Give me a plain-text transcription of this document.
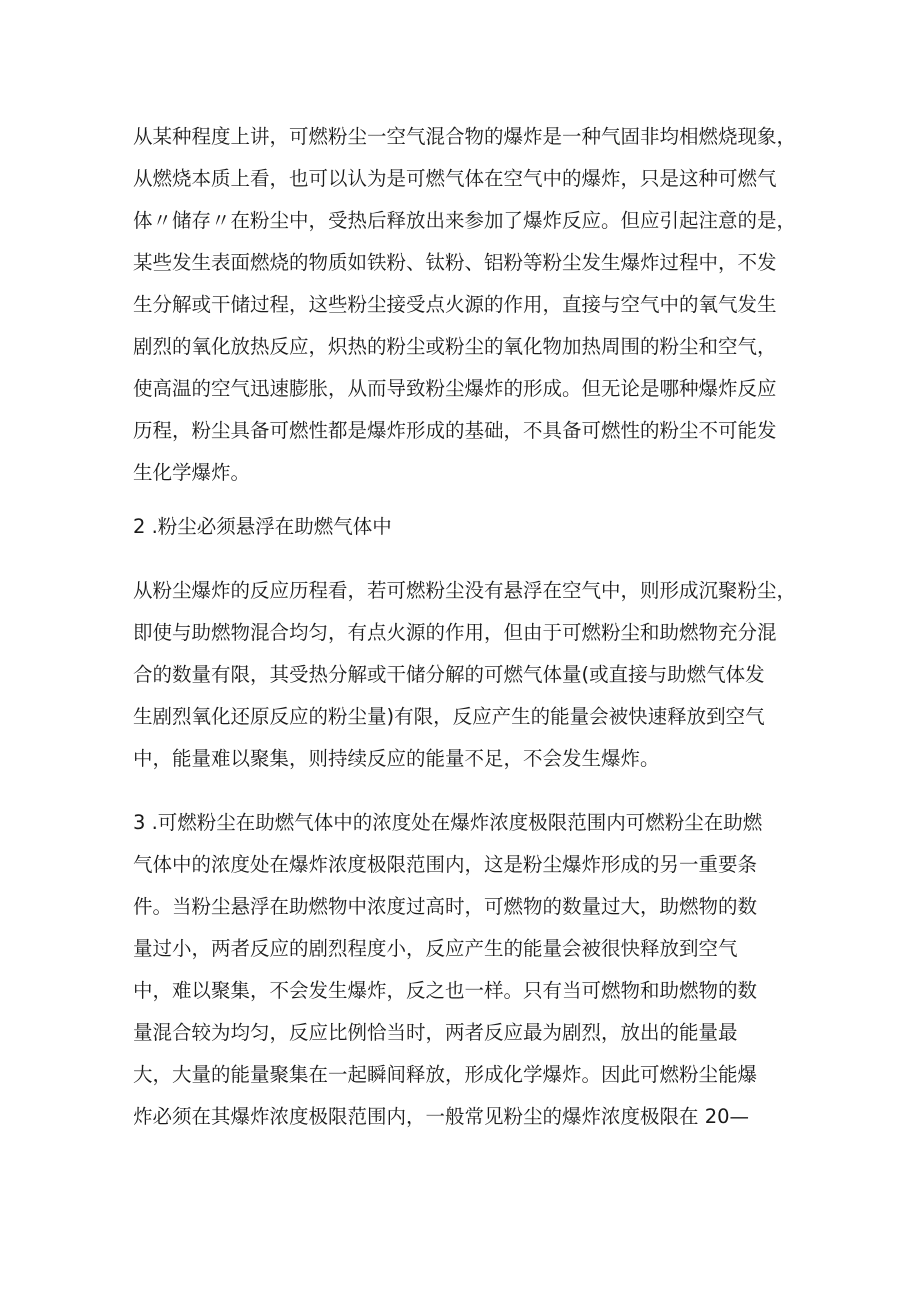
从某种程度上讲，可燃粉尘一空气混合物的爆炸是一种气固非均相燃烧现象，
从燃烧本质上看，也可以认为是可燃气体在空气中的爆炸，只是这种可燃气
体〃储存〃在粉尘中，受热后释放出来参加了爆炸反应。但应引起注意的是，
某些发生表面燃烧的物质如铁粉、钛粉、铝粉等粉尘发生爆炸过程中，不发
生分解或干储过程，这些粉尘接受点火源的作用，直接与空气中的氧气发生
剧烈的氧化放热反应，炽热的粉尘或粉尘的氧化物加热周围的粉尘和空气，
使高温的空气迅速膨胀，从而导致粉尘爆炸的形成。但无论是哪种爆炸反应
历程，粉尘具备可燃性都是爆炸形成的基础，不具备可燃性的粉尘不可能发
生化学爆炸。
2 .粉尘必须悬浮在助燃气体中
从粉尘爆炸的反应历程看，若可燃粉尘没有悬浮在空气中，则形成沉聚粉尘，
即使与助燃物混合均匀，有点火源的作用，但由于可燃粉尘和助燃物充分混
合的数量有限，其受热分解或干储分解的可燃气体量(或直接与助燃气体发
生剧烈氧化还原反应的粉尘量)有限，反应产生的能量会被快速释放到空气
中，能量难以聚集，则持续反应的能量不足，不会发生爆炸。
3 .可燃粉尘在助燃气体中的浓度处在爆炸浓度极限范围内可燃粉尘在助燃
气体中的浓度处在爆炸浓度极限范围内，这是粉尘爆炸形成的另一重要条
件。当粉尘悬浮在助燃物中浓度过高时，可燃物的数量过大，助燃物的数
量过小，两者反应的剧烈程度小，反应产生的能量会被很快释放到空气
中，难以聚集，不会发生爆炸，反之也一样。只有当可燃物和助燃物的数
量混合较为均匀，反应比例恰当时，两者反应最为剧烈，放出的能量最
大，大量的能量聚集在一起瞬间释放，形成化学爆炸。因此可燃粉尘能爆
炸必须在其爆炸浓度极限范围内，一般常见粉尘的爆炸浓度极限在 20—
